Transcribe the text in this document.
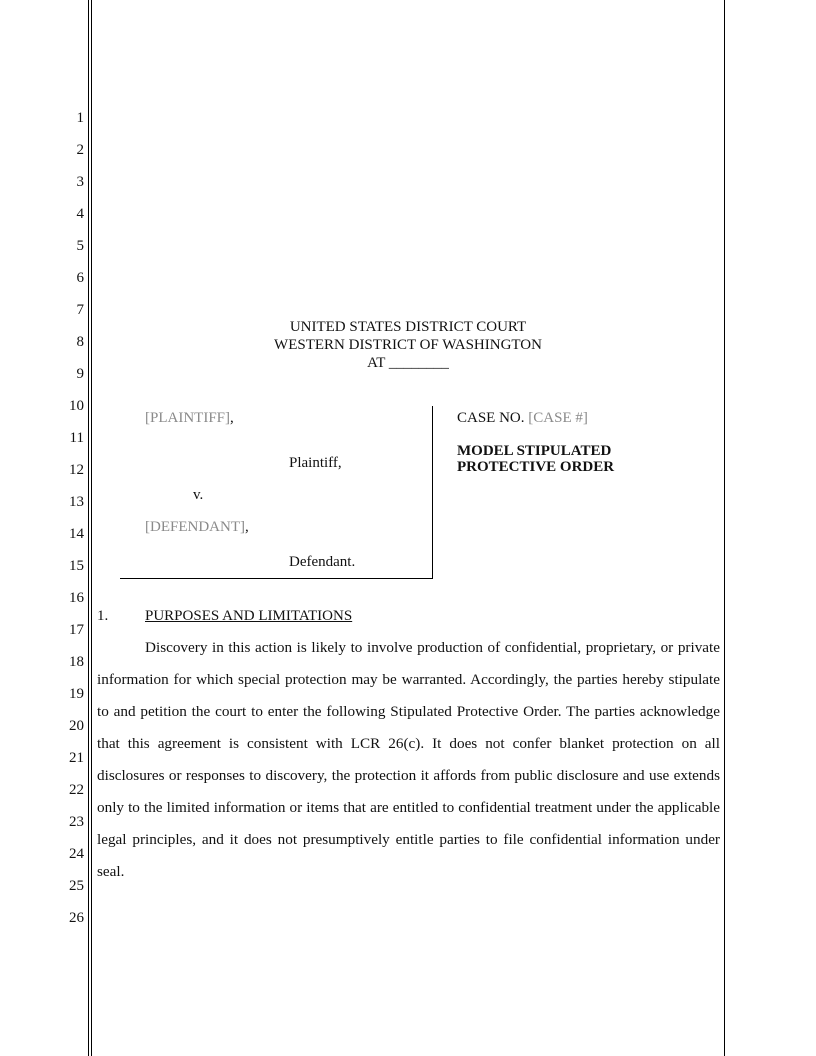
1
2
3
4
5
6
7
8
9
10
11
12
13
14
15
16
17
18
19
20
21
22
23
24
25
26
UNITED STATES DISTRICT COURT
WESTERN DISTRICT OF WASHINGTON
AT ________
[PLAINTIFF],
Plaintiff,
v.
[DEFENDANT],
Defendant.
CASE NO. [CASE #]
MODEL STIPULATED
PROTECTIVE ORDER
1. PURPOSES AND LIMITATIONS
Discovery in this action is likely to involve production of confidential, proprietary, or private information for which special protection may be warranted. Accordingly, the parties hereby stipulate to and petition the court to enter the following Stipulated Protective Order. The parties acknowledge that this agreement is consistent with LCR 26(c). It does not confer blanket protection on all disclosures or responses to discovery, the protection it affords from public disclosure and use extends only to the limited information or items that are entitled to confidential treatment under the applicable legal principles, and it does not presumptively entitle parties to file confidential information under seal.
